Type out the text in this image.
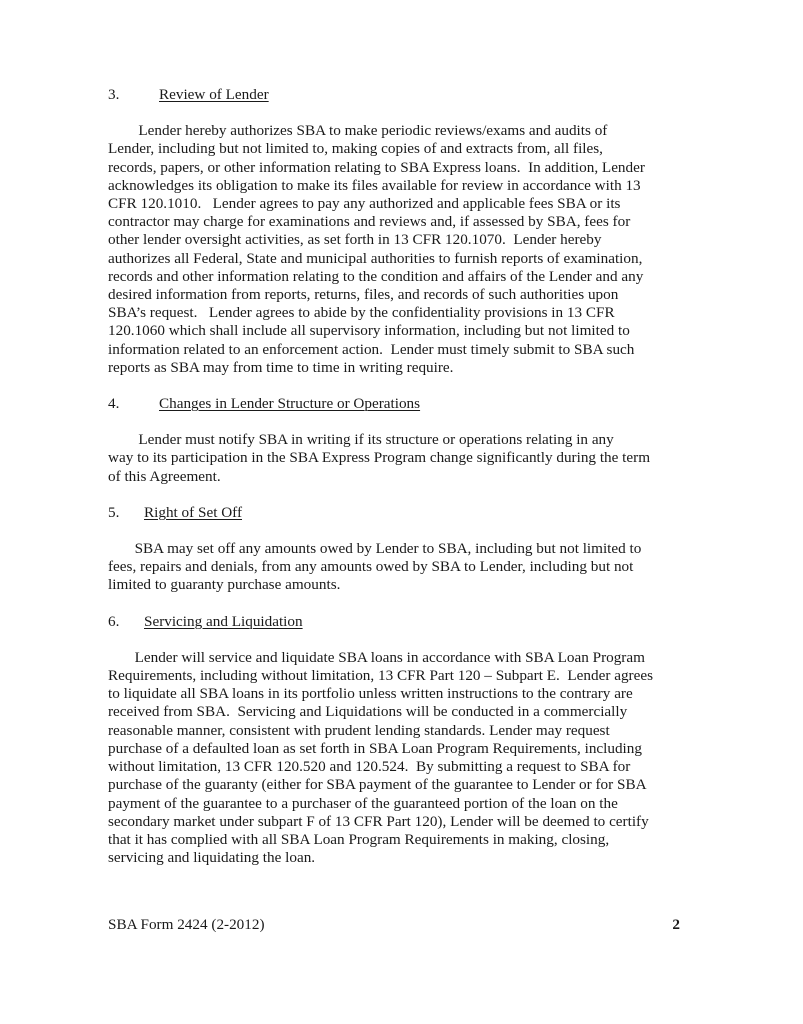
3.	Review of Lender
Lender hereby authorizes SBA to make periodic reviews/exams and audits of
Lender, including but not limited to, making copies of and extracts from, all files,
records, papers, or other information relating to SBA Express loans.  In addition, Lender
acknowledges its obligation to make its files available for review in accordance with 13
CFR 120.1010.   Lender agrees to pay any authorized and applicable fees SBA or its
contractor may charge for examinations and reviews and, if assessed by SBA, fees for
other lender oversight activities, as set forth in 13 CFR 120.1070.  Lender hereby
authorizes all Federal, State and municipal authorities to furnish reports of examination,
records and other information relating to the condition and affairs of the Lender and any
desired information from reports, returns, files, and records of such authorities upon
SBA’s request.   Lender agrees to abide by the confidentiality provisions in 13 CFR
120.1060 which shall include all supervisory information, including but not limited to
information related to an enforcement action.  Lender must timely submit to SBA such
reports as SBA may from time to time in writing require.
4.	Changes in Lender Structure or Operations
Lender must notify SBA in writing if its structure or operations relating in any
way to its participation in the SBA Express Program change significantly during the term
of this Agreement.
5. Right of Set Off
SBA may set off any amounts owed by Lender to SBA, including but not limited to
fees, repairs and denials, from any amounts owed by SBA to Lender, including but not
limited to guaranty purchase amounts.
6. Servicing and Liquidation
Lender will service and liquidate SBA loans in accordance with SBA Loan Program
Requirements, including without limitation, 13 CFR Part 120 – Subpart E.  Lender agrees
to liquidate all SBA loans in its portfolio unless written instructions to the contrary are
received from SBA.  Servicing and Liquidations will be conducted in a commercially
reasonable manner, consistent with prudent lending standards. Lender may request
purchase of a defaulted loan as set forth in SBA Loan Program Requirements, including
without limitation, 13 CFR 120.520 and 120.524.  By submitting a request to SBA for
purchase of the guaranty (either for SBA payment of the guarantee to Lender or for SBA
payment of the guarantee to a purchaser of the guaranteed portion of the loan on the
secondary market under subpart F of 13 CFR Part 120), Lender will be deemed to certify
that it has complied with all SBA Loan Program Requirements in making, closing,
servicing and liquidating the loan.
SBA Form 2424 (2-2012)	2
